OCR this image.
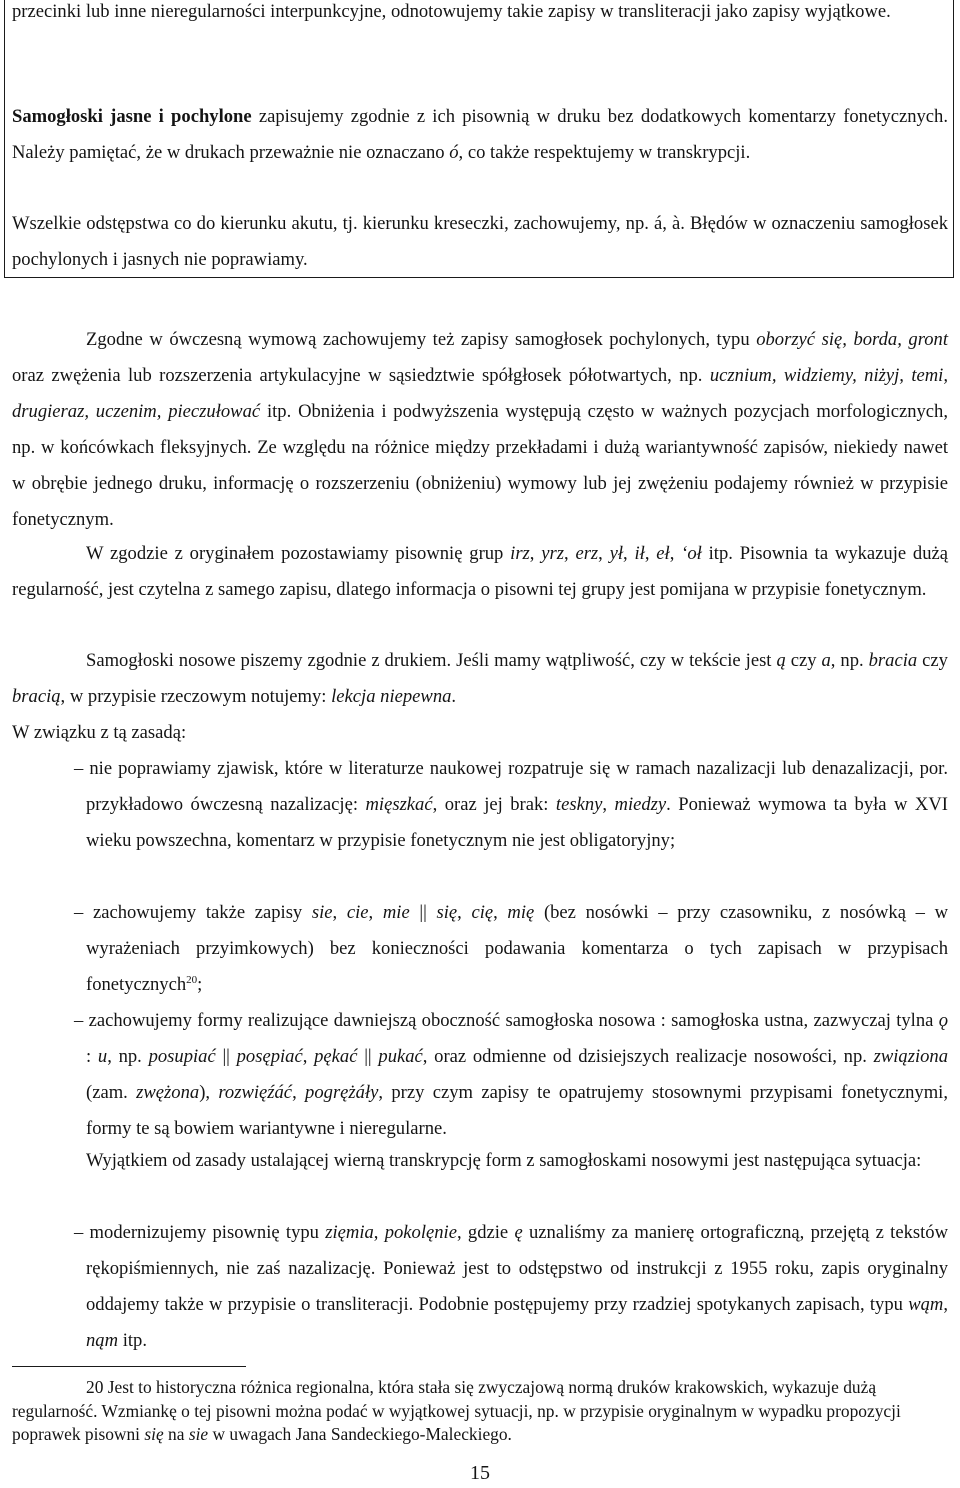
przecinki lub inne nieregularności interpunkcyjne, odnotowujemy takie zapisy w transliteracji jako zapisy wyjątkowe.

Samogłoski jasne i pochylone zapisujemy zgodnie z ich pisownią w druku bez dodatkowych komentarzy fonetycznych. Należy pamiętać, że w drukach przeważnie nie oznaczano ó, co także respektujemy w transkrypcji.

Wszelkie odstępstwa co do kierunku akutu, tj. kierunku kreseczki, zachowujemy, np. á, à. Błędów w oznaczeniu samogłosek pochylonych i jasnych nie poprawiamy.

Zgodne w ówczesną wymową zachowujemy też zapisy samogłosek pochylonych, typu oborzyć się, borda, gront oraz zwężenia lub rozszerzenia artykulacyjne w sąsiedztwie spółgłosek półotwartych, np. ucznium, widziemy, niżyj, temi, drugieraz, uczenim, pieczułować itp. Obniżenia i podwyższenia występują często w ważnych pozycjach morfologicznych, np. w końcówkach fleksyjnych. Ze względu na różnice między przekładami i dużą wariantywność zapisów, niekiedy nawet w obrębie jednego druku, informację o rozszerzeniu (obniżeniu) wymowy lub jej zwężeniu podajemy również w przypisie fonetycznym.

W zgodzie z oryginałem pozostawiamy pisownię grup irz, yrz, erz, ył, ił, eł, ʻoł itp. Pisownia ta wykazuje dużą regularność, jest czytelna z samego zapisu, dlatego informacja o pisowni tej grupy jest pomijana w przypisie fonetycznym.

Samogłoski nosowe piszemy zgodnie z drukiem. Jeśli mamy wątpliwość, czy w tekście jest ą czy a, np. bracia czy bracią, w przypisie rzeczowym notujemy: lekcja niepewna.

W związku z tą zasadą:

– nie poprawiamy zjawisk, które w literaturze naukowej rozpatruje się w ramach nazalizacji lub denazalizacji, por. przykładowo ówczesną nazalizację: mięszkać, oraz jej brak: teskny, miedzy. Ponieważ wymowa ta była w XVI wieku powszechna, komentarz w przypisie fonetycznym nie jest obligatoryjny;

– zachowujemy także zapisy sie, cie, mie || się, cię, mię (bez nosówki – przy czasowniku, z nosówką – w wyrażeniach przyimkowych) bez konieczności podawania komentarza o tych zapisach w przypisach fonetycznych$^{20}$;

– zachowujemy formy realizujące dawniejszą oboczność samogłoska nosowa : samogłoska ustna, zazwyczaj tylna ǫ : u, np. posupiać || posępiać, pękać || pukać, oraz odmienne od dzisiejszych realizacje nosowości, np. związiona (zam. zwężona), rozwięźáć, pogrężáły, przy czym zapisy te opatrujemy stosownymi przypisami fonetycznymi, formy te są bowiem wariantywne i nieregularne.

Wyjątkiem od zasady ustalającej wierną transkrypcję form z samogłoskami nosowymi jest następująca sytuacja:

– modernizujemy pisownię typu zięmia, pokolęnie, gdzie ę uznaliśmy za manierę ortograficzną, przejętą z tekstów rękopiśmiennych, nie zaś nazalizację. Ponieważ jest to odstępstwo od instrukcji z 1955 roku, zapis oryginalny oddajemy także w przypisie o transliteracji. Podobnie postępujemy przy rzadziej spotykanych zapisach, typu wąm, nąm itp.

20 Jest to historyczna różnica regionalna, która stała się zwyczajową normą druków krakowskich, wykazuje dużą regularność. Wzmiankę o tej pisowni można podać w wyjątkowej sytuacji, np. w przypisie oryginalnym w wypadku propozycji poprawek pisowni się na sie w uwagach Jana Sandeckiego-Maleckiego.

15
